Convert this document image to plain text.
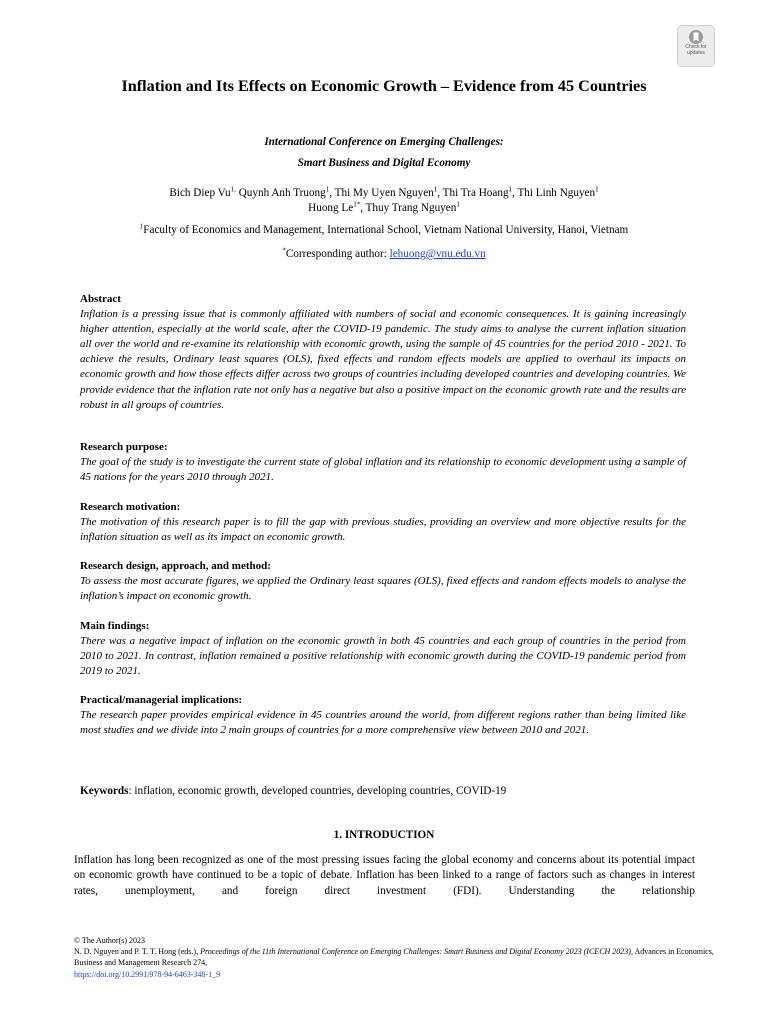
Check for updates
Inflation and Its Effects on Economic Growth – Evidence from 45 Countries
International Conference on Emerging Challenges:
Smart Business and Digital Economy
Bich Diep $Vu^{1,}$ Quynh Anh Truong$^1$, Thi My Uyen Nguyen$^1$, Thi Tra Hoang$^1$, Thi Linh Nguyen$^1$
Huong $Le^{1*}$, Thuy Trang Nguyen$^1$
$^1$Faculty of Economics and Management, International School, Vietnam National University, Hanoi, Vietnam
*Corresponding author: lehuong@vnu.edu.vn
Abstract
Inflation is a pressing issue that is commonly affiliated with numbers of social and economic consequences. It is gaining increasingly higher attention, especially at the world scale, after the COVID-19 pandemic. The study aims to analyse the current inflation situation all over the world and re-examine its relationship with economic growth, using the sample of 45 countries for the period 2010 - 2021. To achieve the results, Ordinary least squares (OLS), fixed effects and random effects models are applied to overhaul its impacts on economic growth and how those effects differ across two groups of countries including developed countries and developing countries. We provide evidence that the inflation rate not only has a negative but also a positive impact on the economic growth rate and the results are robust in all groups of countries.
Research purpose:
The goal of the study is to investigate the current state of global inflation and its relationship to economic development using a sample of 45 nations for the years 2010 through 2021.
Research motivation:
The motivation of this research paper is to fill the gap with previous studies, providing an overview and more objective results for the inflation situation as well as its impact on economic growth.
Research design, approach, and method:
To assess the most accurate figures, we applied the Ordinary least squares (OLS), fixed effects and random effects models to analyse the inflation’s impact on economic growth.
Main findings:
There was a negative impact of inflation on the economic growth in both 45 countries and each group of countries in the period from 2010 to 2021. In contrast, inflation remained a positive relationship with economic growth during the COVID-19 pandemic period from 2019 to 2021.
Practical/managerial implications:
The research paper provides empirical evidence in 45 countries around the world, from different regions rather than being limited like most studies and we divide into 2 main groups of countries for a more comprehensive view between 2010 and 2021.
Keywords: inflation, economic growth, developed countries, developing countries, COVID-19
1. INTRODUCTION
Inflation has long been recognized as one of the most pressing issues facing the global economy and concerns about its potential impact on economic growth have continued to be a topic of debate. Inflation has been linked to a range of factors such as changes in interest rates, unemployment, and foreign direct investment (FDI). Understanding the relationship
© The Author(s) 2023
N. D. Nguyen and P. T. T. Hong (eds.), Proceedings of the 11th International Conference on Emerging Challenges: Smart Business and Digital Economy 2023 (ICECH 2023), Advances in Economics, Business and Management Research 274,
https://doi.org/10.2991/978-94-6463-348-1_9
